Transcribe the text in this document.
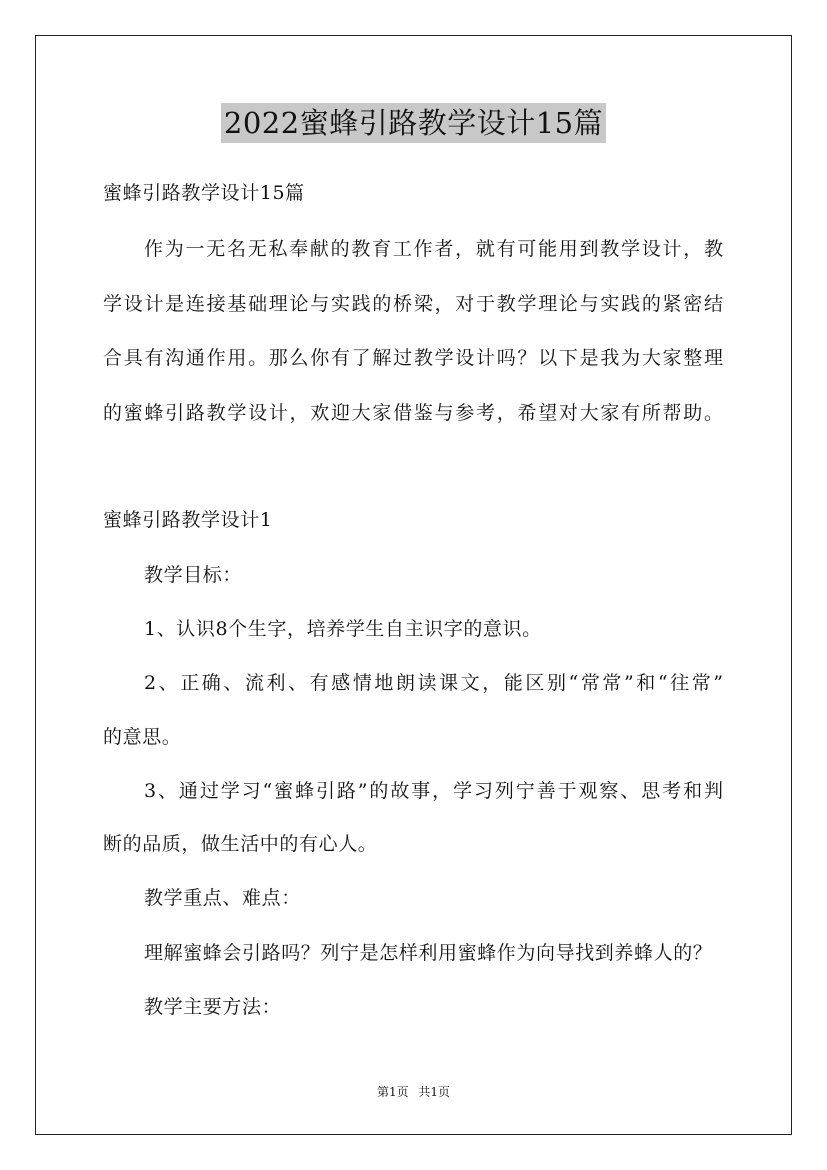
2022蜜蜂引路教学设计15篇
蜜蜂引路教学设计15篇
作为一无名无私奉献的教育工作者，就有可能用到教学设计，教
学设计是连接基础理论与实践的桥梁，对于教学理论与实践的紧密结
合具有沟通作用。那么你有了解过教学设计吗？以下是我为大家整理
的蜜蜂引路教学设计，欢迎大家借鉴与参考，希望对大家有所帮助。
蜜蜂引路教学设计1
教学目标：
1、认识8个生字，培养学生自主识字的意识。
2、正确、流利、有感情地朗读课文，能区别“常常”和“往常”
的意思。
3、通过学习“蜜蜂引路”的故事，学习列宁善于观察、思考和判
断的品质，做生活中的有心人。
教学重点、难点：
理解蜜蜂会引路吗？列宁是怎样利用蜜蜂作为向导找到养蜂人的？
教学主要方法：
第1页 共1页
